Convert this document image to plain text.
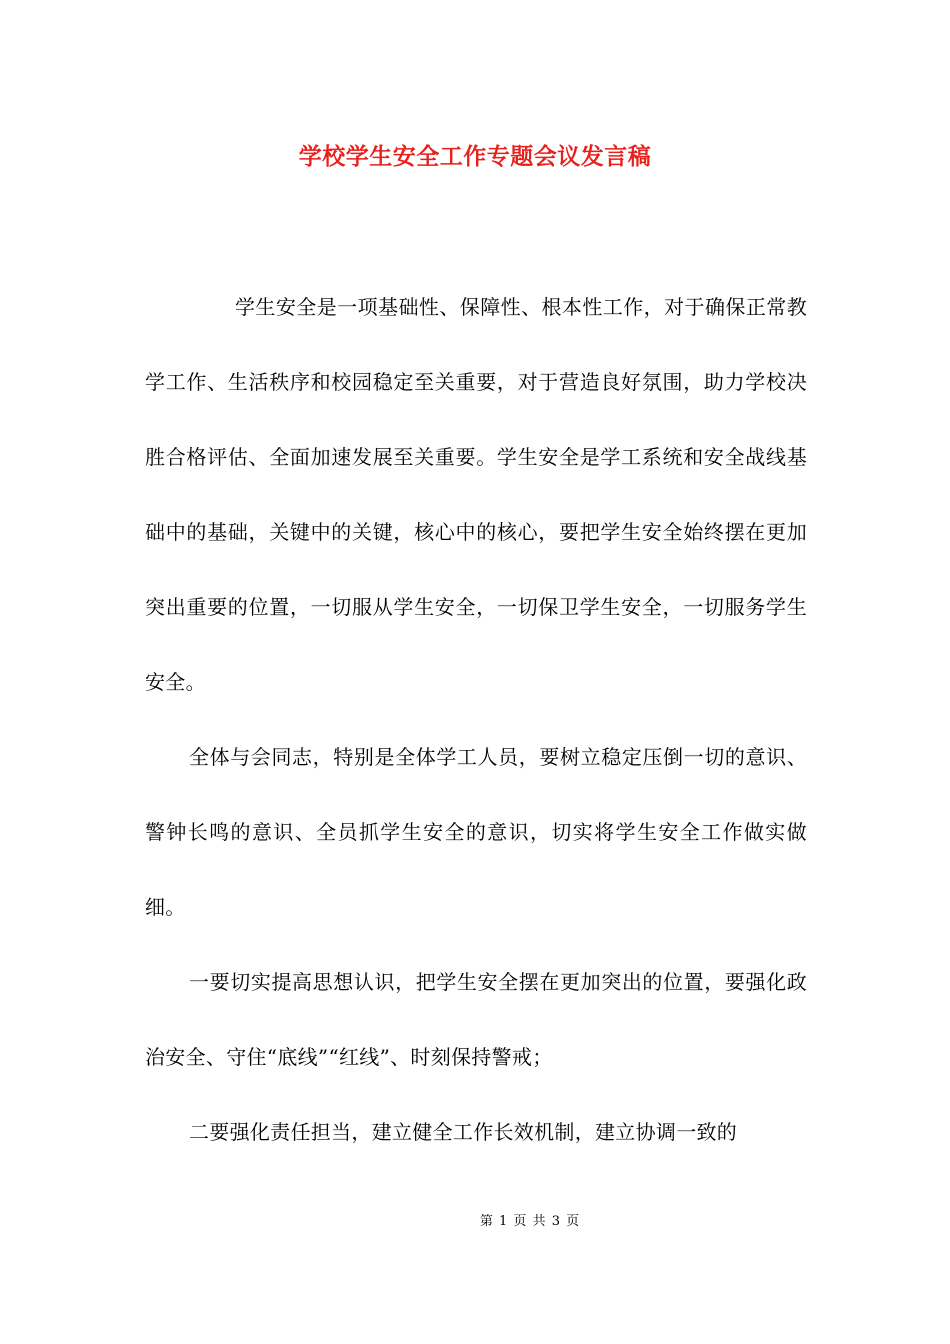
学校学生安全工作专题会议发言稿

学生安全是一项基础性、保障性、根本性工作，对于确保正常教学工作、生活秩序和校园稳定至关重要，对于营造良好氛围，助力学校决胜合格评估、全面加速发展至关重要。学生安全是学工系统和安全战线基础中的基础，关键中的关键，核心中的核心，要把学生安全始终摆在更加突出重要的位置，一切服从学生安全，一切保卫学生安全，一切服务学生安全。

全体与会同志，特别是全体学工人员，要树立稳定压倒一切的意识、警钟长鸣的意识、全员抓学生安全的意识，切实将学生安全工作做实做细。

一要切实提高思想认识，把学生安全摆在更加突出的位置，要强化政治安全、守住“底线”“红线”、时刻保持警戒；

二要强化责任担当，建立健全工作长效机制，建立协调一致的

第 1 页 共 3 页
